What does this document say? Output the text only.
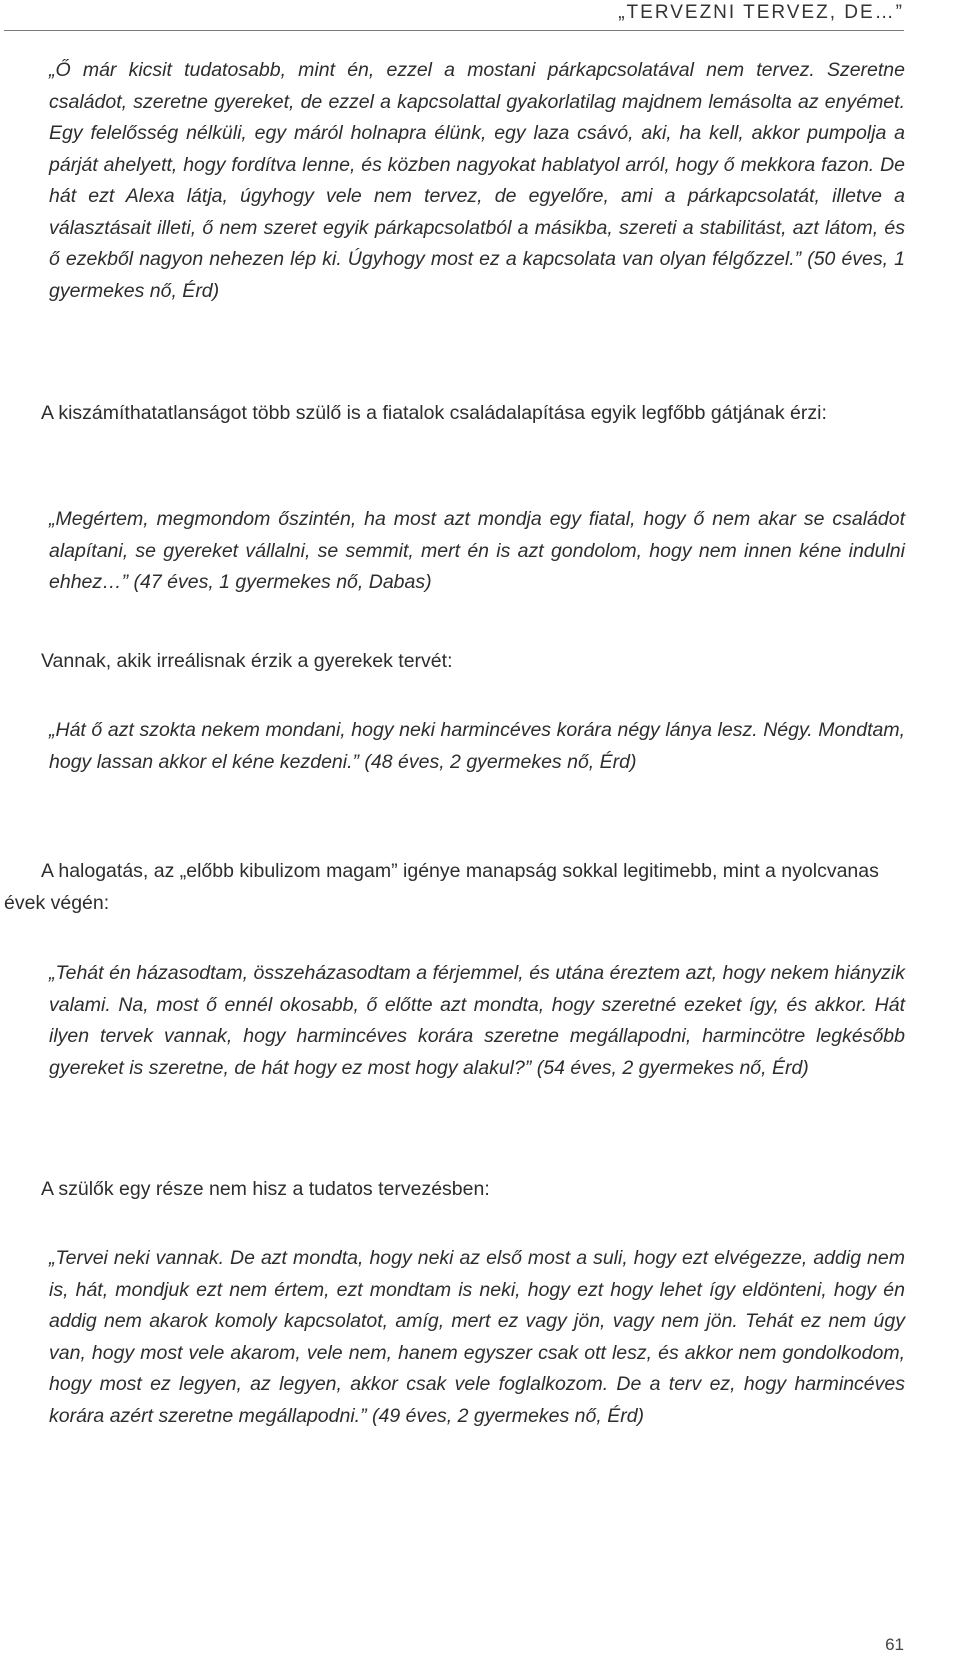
„TERVEZNI TERVEZ, DE…”

„Ő már kicsit tudatosabb, mint én, ezzel a mostani párkapcsolatával nem tervez. Szeretne családot, szeretne gyereket, de ezzel a kapcsolattal gyakorlatilag majdnem lemásolta az enyémet. Egy felelősség nélküli, egy máról holnapra élünk, egy laza csávó, aki, ha kell, akkor pumpolja a párját ahelyett, hogy fordítva lenne, és közben nagyokat hablatyol arról, hogy ő mekkora fazon. De hát ezt Alexa látja, úgyhogy vele nem tervez, de egyelőre, ami a párkapcsolatát, illetve a választásait illeti, ő nem szeret egyik párkapcsolatból a másikba, szereti a stabilitást, azt látom, és ő ezekből nagyon nehezen lép ki. Úgyhogy most ez a kapcsolata van olyan félgőzzel.” (50 éves, 1 gyermekes nő, Érd)

A kiszámíthatatlanságot több szülő is a fiatalok családalapítása egyik legfőbb gátjának érzi:

„Megértem, megmondom őszintén, ha most azt mondja egy fiatal, hogy ő nem akar se családot alapítani, se gyereket vállalni, se semmit, mert én is azt gondolom, hogy nem innen kéne indulni ehhez…” (47 éves, 1 gyermekes nő, Dabas)

Vannak, akik irreálisnak érzik a gyerekek tervét:

„Hát ő azt szokta nekem mondani, hogy neki harmincéves korára négy lánya lesz. Négy. Mondtam, hogy lassan akkor el kéne kezdeni.” (48 éves, 2 gyermekes nő, Érd)

A halogatás, az „előbb kibulizom magam” igénye manapság sokkal legitimebb, mint a nyolcvanas évek végén:

„Tehát én házasodtam, összeházasodtam a férjemmel, és utána éreztem azt, hogy nekem hiányzik valami. Na, most ő ennél okosabb, ő előtte azt mondta, hogy szeretné ezeket így, és akkor. Hát ilyen tervek vannak, hogy harmincéves korára szeretne megállapodni, harmincötre legkésőbb gyereket is szeretne, de hát hogy ez most hogy alakul?” (54 éves, 2 gyermekes nő, Érd)

A szülők egy része nem hisz a tudatos tervezésben:

„Tervei neki vannak. De azt mondta, hogy neki az első most a suli, hogy ezt elvégezze, addig nem is, hát, mondjuk ezt nem értem, ezt mondtam is neki, hogy ezt hogy lehet így eldönteni, hogy én addig nem akarok komoly kapcsolatot, amíg, mert ez vagy jön, vagy nem jön. Tehát ez nem úgy van, hogy most vele akarom, vele nem, hanem egyszer csak ott lesz, és akkor nem gondolkodom, hogy most ez legyen, az legyen, akkor csak vele foglalkozom. De a terv ez, hogy harmincéves korára azért szeretne megállapodni.” (49 éves, 2 gyermekes nő, Érd)

61
